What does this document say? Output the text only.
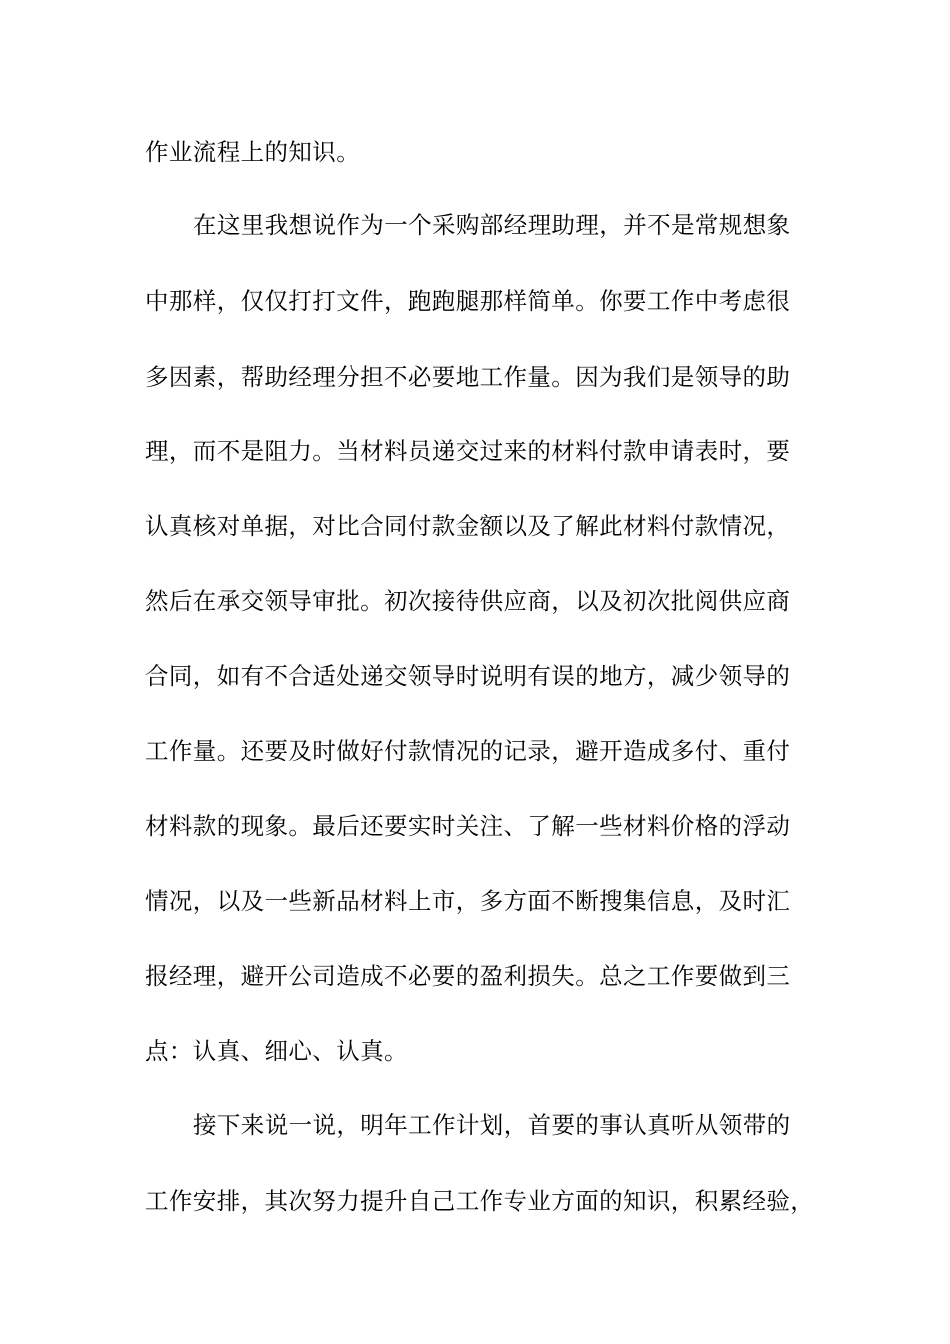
作业流程上的知识。
在这里我想说作为一个采购部经理助理，并不是常规想象
中那样，仅仅打打文件，跑跑腿那样简单。你要工作中考虑很
多因素，帮助经理分担不必要地工作量。因为我们是领导的助
理，而不是阻力。当材料员递交过来的材料付款申请表时，要
认真核对单据，对比合同付款金额以及了解此材料付款情况，
然后在承交领导审批。初次接待供应商，以及初次批阅供应商
合同，如有不合适处递交领导时说明有误的地方，减少领导的
工作量。还要及时做好付款情况的记录，避开造成多付、重付
材料款的现象。最后还要实时关注、了解一些材料价格的浮动
情况，以及一些新品材料上市，多方面不断搜集信息，及时汇
报经理，避开公司造成不必要的盈利损失。总之工作要做到三
点：认真、细心、认真。
接下来说一说，明年工作计划，首要的事认真听从领带的
工作安排，其次努力提升自己工作专业方面的知识，积累经验，
